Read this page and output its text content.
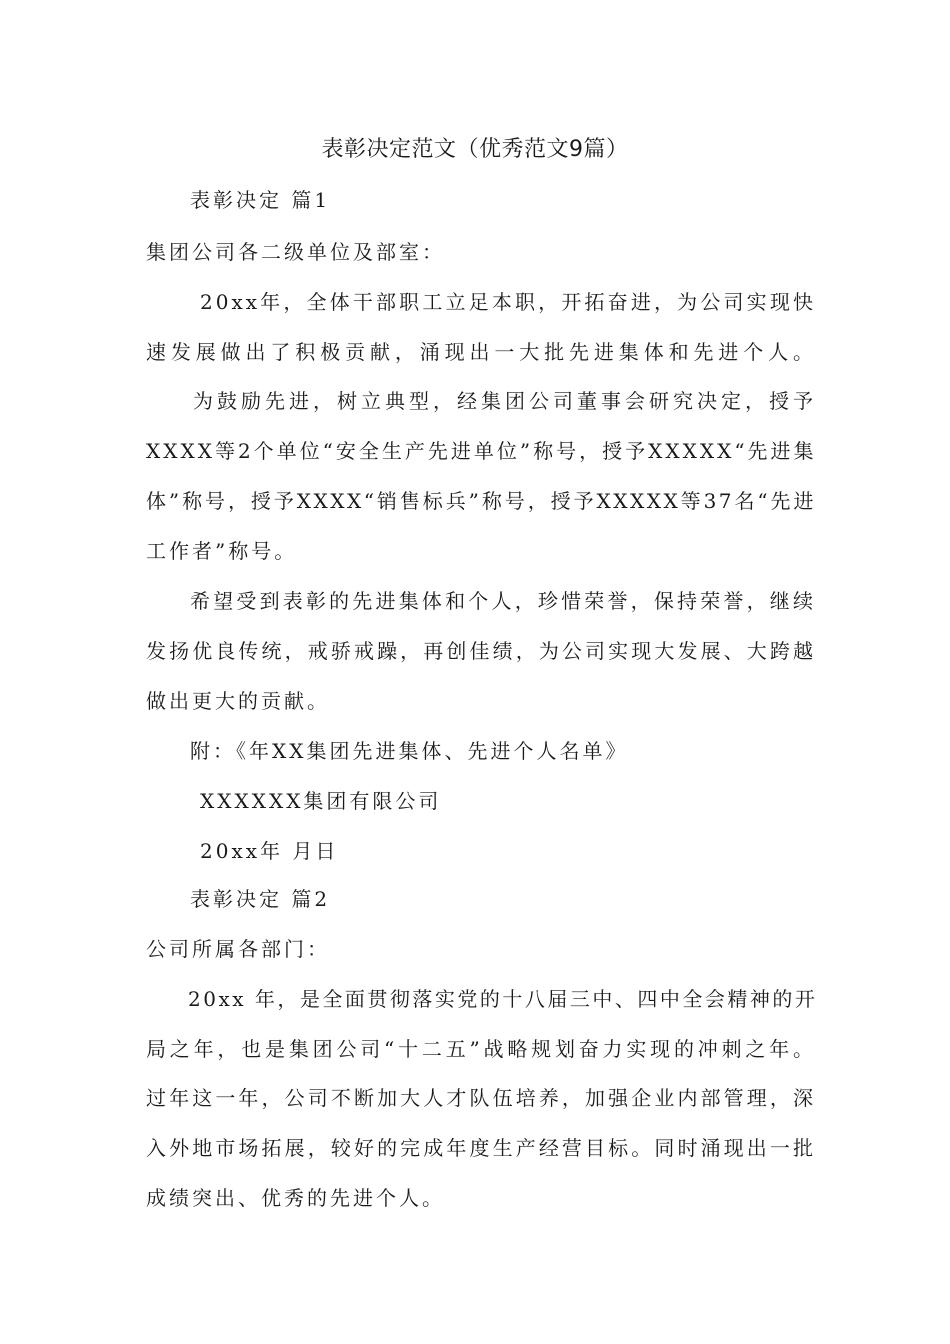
表彰决定范文（优秀范文9篇）
表彰决定 篇1
集团公司各二级单位及部室：
20xx年，全体干部职工立足本职，开拓奋进，为公司实现快
速发展做出了积极贡献，涌现出一大批先进集体和先进个人。
为鼓励先进，树立典型，经集团公司董事会研究决定，授予
XXXX等2个单位“安全生产先进单位”称号，授予XXXXX“先进集
体”称号，授予XXXX“销售标兵”称号，授予XXXXX等37名“先进
工作者”称号。
希望受到表彰的先进集体和个人，珍惜荣誉，保持荣誉，继续
发扬优良传统，戒骄戒躁，再创佳绩，为公司实现大发展、大跨越
做出更大的贡献。
附：《年XX集团先进集体、先进个人名单》
XXXXXX集团有限公司
20xx年 月日
表彰决定 篇2
公司所属各部门：
20xx 年，是全面贯彻落实党的十八届三中、四中全会精神的开
局之年，也是集团公司“十二五”战略规划奋力实现的冲刺之年。
过年这一年，公司不断加大人才队伍培养，加强企业内部管理，深
入外地市场拓展，较好的完成年度生产经营目标。同时涌现出一批
成绩突出、优秀的先进个人。
